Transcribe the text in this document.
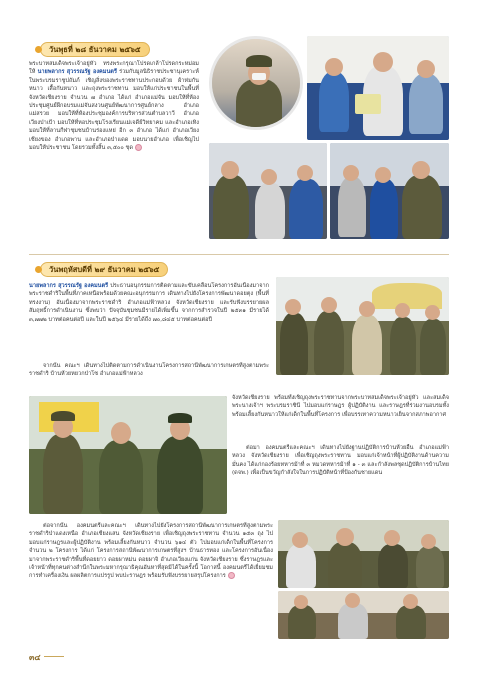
วันพุธที่ ๒๘ ธันวาคม ๒๕๖๕
พระบาทสมเด็จพระเจ้าอยู่หัว ทรงพระกรุณาโปรดเกล้าโปรดกระหม่อมให้ นายพลากร สุวรรณรัฐ องคมนตรี ร่วมกับมูลนิธิราชประชานุเคราะห์ ในพระบรมราชูปถัมภ์ เชิญสิ่งของพระราชทานประกอบด้วย ผ้าห่มกันหนาว เสื้อกันหนาว และถุงพระราชทาน มอบให้แก่ประชาชนในพื้นที่จังหวัดเชียงราย จำนวน ๗ อำเภอ ได้แก่ อำเภอแม่จัน มอบให้ที่ห้องประชุมศูนย์ฝึกอบรมแม่จันสงวนศูนย์พัฒนาการศูนย์กลาง อำเภอแม่สรวย มอบให้ที่ห้องประชุมองค์การบริหารส่วนตำบลวาวี อำเภอเวียงป่าเป้า มอบให้ที่หอประชุมโรงเรียนแม่เจดีย์วิทยาคม และอำเภอเทิง มอบให้ที่ลานกีฬาชุมชนบ้านร่องแหย่ อีก ๓ อำเภอ ได้แก่ อำเภอเวียงเชียงของ อำเภอพาน และอำเภอป่าแดด มอบนายอำเภอ เพื่อเชิญไปมอบให้ประชาชน โดยรวมทั้งสิ้น ๓,๕๐๐ ชุด
วันพฤหัสบดีที่ ๒๙ ธันวาคม ๒๕๖๕
นายพลากร สุวรรณรัฐ องคมนตรี ประธานอนุกรรมการติดตามและขับเคลื่อนโครงการอันเนื่องมาจากพระราชดำริในพื้นที่ภาคเหนือพร้อมด้วยคณะอนุกรรมการ เดินทางไปยังโครงการพัฒนาดอยตุง (พื้นที่ทรงงาน) อันเนื่องมาจากพระราชดำริ อำเภอแม่ฟ้าหลวง จังหวัดเชียงราย และรับฟังบรรยายผลสัมฤทธิ์การดำเนินงาน ซึ่งพบว่า ปัจจุบันชุมชนมีรายได้เพิ่มขึ้น จากการสำรวจในปี ๒๕๓๑ มีรายได้ ๓,๗๗๒ บาทต่อคนต่อปี และในปี ๒๕๖๔ มีรายได้ถึง ๗๐,๘๔๕ บาทต่อคนต่อปี
จากนั้น คณะฯ เดินทางไปติดตามการดำเนินงานโครงการสถานีพัฒนาการเกษตรที่สูงตามพระราชดำริ บ้านห้วยหยวกป่าโซ อำเภอแม่ฟ้าหลวง
จังหวัดเชียงราย พร้อมทั้งเชิญถุงพระราชทานจากพระบาทสมเด็จพระเจ้าอยู่หัว และสมเด็จพระนางเจ้าฯ พระบรมราชินี ไปมอบแก่ราษฎร ผู้ปฏิบัติงาน และราษฎรที่ร่วมงานอบรมทั้ง พร้อมเลี้ยงกันหนาวให้แก่เด็กในพื้นที่โครงการ เพื่อบรรเทาความหนาวเย็นจากสภาพอากาศ
ต่อมา องคมนตรีและคณะฯ เดินทางไปยังฐานปฏิบัติการบ้านห้วยอื้น อำเภอแม่ฟ้าหลวง จังหวัดเชียงราย เพื่อเชิญถุงพระราชทาน มอบแก่เจ้าหน้าที่ผู้ปฏิบัติงานด้านความมั่นคง ได้แก่กองร้อยทหารม้าที่ ๓ หมวดทหารม้าที่ ๑ - ๓ และกำลังพลชุดปฏิบัติการบ้านไทย (ดจพ.) เพื่อเป็นขวัญกำลังใจในการปฏิบัติหน้าที่ป้องกันชายแดน
ต่อจากนั้น องคมนตรีและคณะฯ เดินทางไปยังโครงการสถานีพัฒนาการเกษตรที่สูงตามพระราชดำริป่าแดงเหนือ อำเภอเชียงแสน จังหวัดเชียงราย เพื่อเชิญถุงพระราชทาน จำนวน ๑๕๓ ถุง ไปมอบแก่ราษฎรและผู้ปฏิบัติงาน พร้อมเลี้ยงกันหนาว จำนวน ๖๑๔ ตัว ไปมอบแก่เด็กในพื้นที่โครงการ จำนวน ๒ โครงการ ได้แก่ โครงการสถานีพัฒนาการเกษตรที่สูงฯ บ้านธารทอง และโครงการอันเนื่องมาจากพระราชดำริพื้นที่ดอยยาว ดอยผาหม่น ดอยผาจิ อำเภอเวียงแก่น จังหวัดเชียงราย ซึ่งราษฎรและเจ้าหน้าที่ทุกคนต่างสำนึกในพระมหากรุณาธิคุณอันหาที่สุดมิได้ในครั้งนี้ โอกาสนี้ องคมนตรีได้เยี่ยมชมการทำเครื่องเงิน ผลผลิตการแปรรูป พบปะราษฎร พร้อมรับฟังบรรยายสรุปโครงการ
๓๔
